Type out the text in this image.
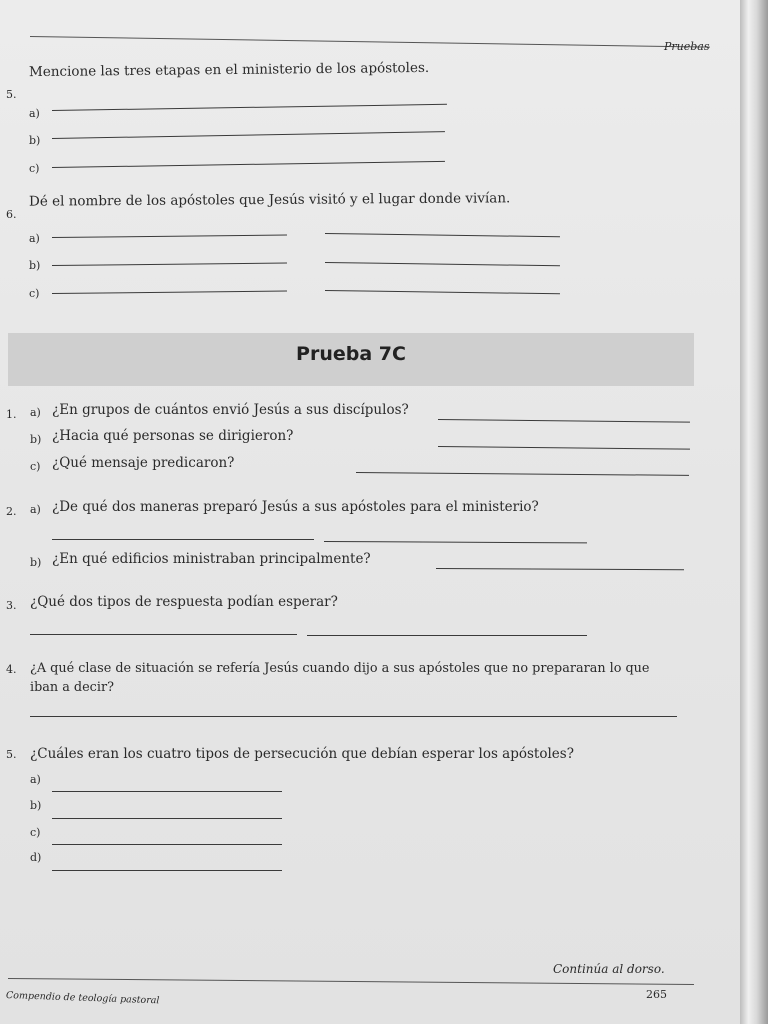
Pruebas
5.
Mencione las tres etapas en el ministerio de los apóstoles.
a)
b)
c)
6.
Dé el nombre de los apóstoles que Jesús visitó y el lugar donde vivían.
a)
b)
c)
Prueba 7C
1. a) ¿En grupos de cuántos envió Jesús a sus discípulos?
b) ¿Hacia qué personas se dirigieron?
c) ¿Qué mensaje predicaron?
2. a) ¿De qué dos maneras preparó Jesús a sus apóstoles para el ministerio?
b) ¿En qué edificios ministraban principalmente?
3. ¿Qué dos tipos de respuesta podían esperar?
4. ¿A qué clase de situación se refería Jesús cuando dijo a sus apóstoles que no prepararan lo que
iban a decir?
5. ¿Cuáles eran los cuatro tipos de persecución que debían esperar los apóstoles?
a)
b)
c)
d)
Continúa al dorso.
Compendio de teología pastoral	265
